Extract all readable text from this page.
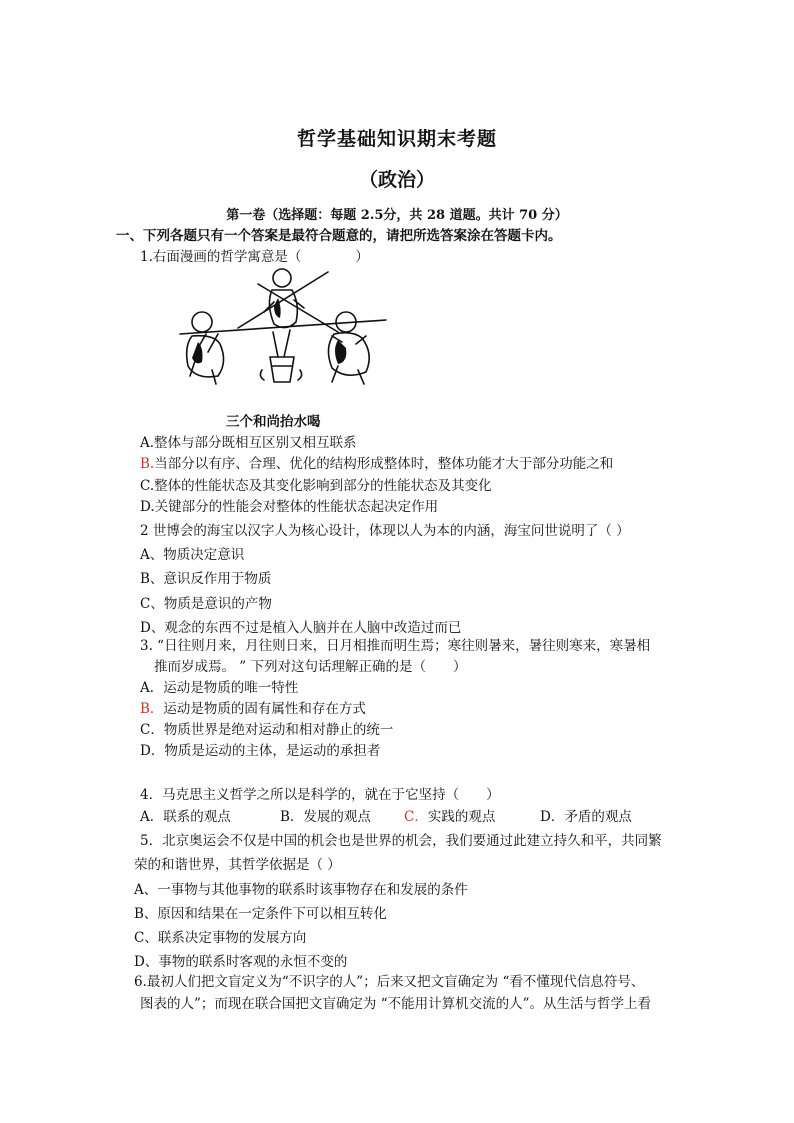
哲学基础知识期末考题
（政治）
第一卷（选择题：每题 2.5分，共 28 道题。共计 70 分）
一、下列各题只有一个答案是最符合题意的，请把所选答案涂在答题卡内。
1.右面漫画的哲学寓意是（　　　　）
三个和尚抬水喝
A.整体与部分既相互区别又相互联系
B.当部分以有序、合理、优化的结构形成整体时，整体功能才大于部分功能之和
C.整体的性能状态及其变化影响到部分的性能状态及其变化
D.关键部分的性能会对整体的性能状态起决定作用
2 世博会的海宝以汉字人为核心设计，体现以人为本的内涵，海宝问世说明了（ ）
A、物质决定意识
B、意识反作用于物质
C、物质是意识的产物
D、观念的东西不过是植入人脑并在人脑中改造过而已
3. “日往则月来，月往则日来，日月相推而明生焉；寒往则暑来，暑往则寒来，寒暑相
推而岁成焉。 ” 下列对这句话理解正确的是（　　）
A．运动是物质的唯一特性
B．运动是物质的固有属性和存在方式
C．物质世界是绝对运动和相对静止的统一
D．物质是运动的主体，是运动的承担者
4．马克思主义哲学之所以是科学的，就在于它坚持（　　）
A．联系的观点	B．发展的观点 C．实践的观点	D．矛盾的观点
5．北京奥运会不仅是中国的机会也是世界的机会，我们要通过此建立持久和平，共同繁
荣的和谐世界，其哲学依据是（ ）
A、一事物与其他事物的联系时该事物存在和发展的条件
B、原因和结果在一定条件下可以相互转化
C、联系决定事物的发展方向
D、事物的联系时客观的永恒不变的
6.最初人们把文盲定义为“不识字的人”；后来又把文盲确定为 “看不懂现代信息符号、
图表的人”；而现在联合国把文盲确定为 “不能用计算机交流的人”。从生活与哲学上看
